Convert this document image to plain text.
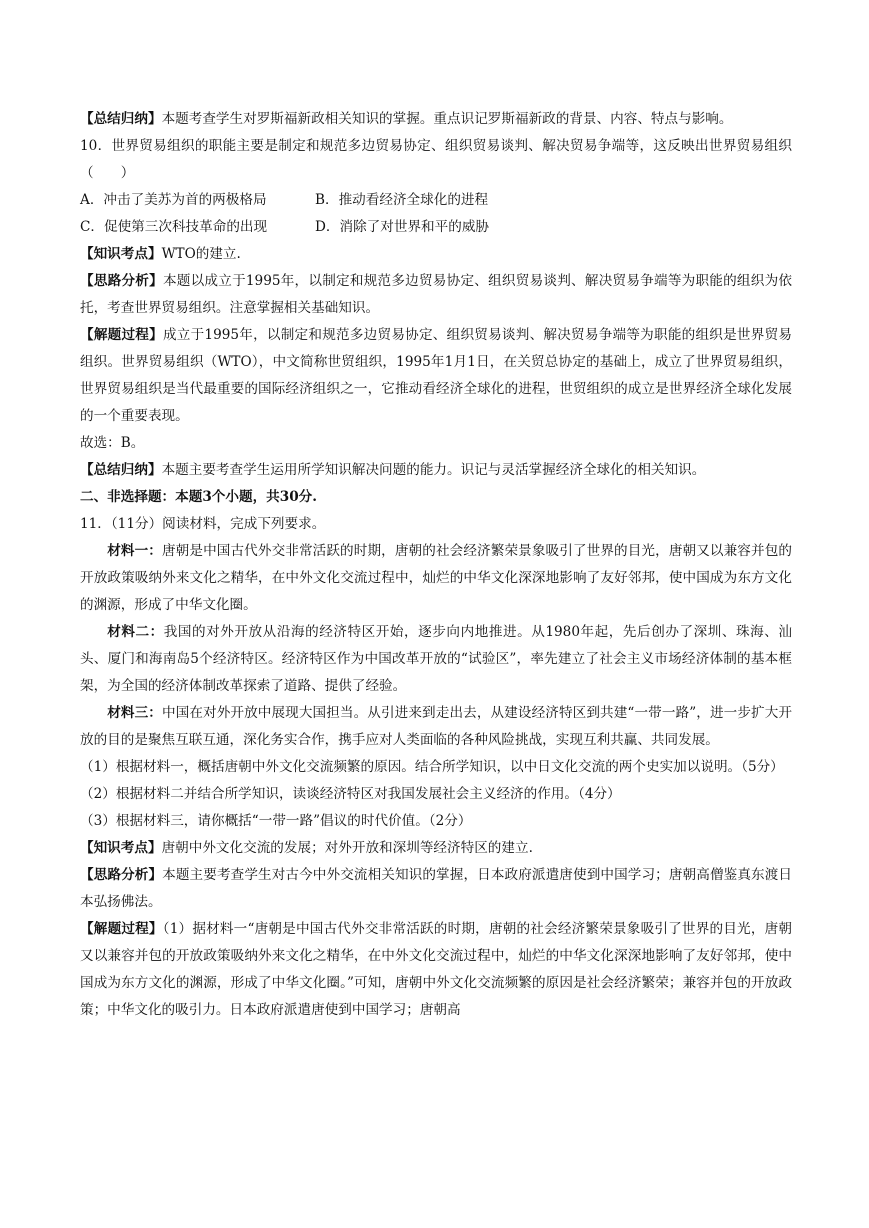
【总结归纳】本题考查学生对罗斯福新政相关知识的掌握。重点识记罗斯福新政的背景、内容、特点与影响。

10．世界贸易组织的职能主要是制定和规范多边贸易协定、组织贸易谈判、解决贸易争端等，这反映出世界贸易组织（　　）

A．冲击了美苏为首的两极格局	B．推动看经济全球化的进程
C．促使第三次科技革命的出现	D．消除了对世界和平的威胁

【知识考点】WTO的建立.

【思路分析】本题以成立于1995年，以制定和规范多边贸易协定、组织贸易谈判、解决贸易争端等为职能的组织为依托，考查世界贸易组织。注意掌握相关基础知识。

【解题过程】成立于1995年，以制定和规范多边贸易协定、组织贸易谈判、解决贸易争端等为职能的组织是世界贸易组织。世界贸易组织（WTO），中文简称世贸组织，1995年1月1日，在关贸总协定的基础上，成立了世界贸易组织，世界贸易组织是当代最重要的国际经济组织之一，它推动看经济全球化的进程，世贸组织的成立是世界经济全球化发展的一个重要表现。

故选：B。

【总结归纳】本题主要考查学生运用所学知识解决问题的能力。识记与灵活掌握经济全球化的相关知识。

二、非选择题：本题3个小题，共30分.

11．（11分）阅读材料，完成下列要求。

材料一：唐朝是中国古代外交非常活跃的时期，唐朝的社会经济繁荣景象吸引了世界的目光，唐朝又以兼容并包的开放政策吸纳外来文化之精华，在中外文化交流过程中，灿烂的中华文化深深地影响了友好邻邦，使中国成为东方文化的渊源，形成了中华文化圈。

材料二：我国的对外开放从沿海的经济特区开始，逐步向内地推进。从1980年起，先后创办了深圳、珠海、汕头、厦门和海南岛5个经济特区。经济特区作为中国改革开放的“试验区”，率先建立了社会主义市场经济体制的基本框架，为全国的经济体制改革探索了道路、提供了经验。

材料三：中国在对外开放中展现大国担当。从引进来到走出去，从建设经济特区到共建“一带一路”，进一步扩大开放的目的是聚焦互联互通，深化务实合作，携手应对人类面临的各种风险挑战，实现互利共赢、共同发展。

（1）根据材料一，概括唐朝中外文化交流频繁的原因。结合所学知识，以中日文化交流的两个史实加以说明。（5分）

（2）根据材料二并结合所学知识，读谈经济特区对我国发展社会主义经济的作用。（4分）

（3）根据材料三，请你概括“一带一路”倡议的时代价值。（2分）

【知识考点】唐朝中外文化交流的发展；对外开放和深圳等经济特区的建立.

【思路分析】本题主要考查学生对古今中外交流相关知识的掌握，日本政府派遣唐使到中国学习；唐朝高僧鉴真东渡日本弘扬佛法。

【解题过程】（1）据材料一“唐朝是中国古代外交非常活跃的时期，唐朝的社会经济繁荣景象吸引了世界的目光，唐朝又以兼容并包的开放政策吸纳外来文化之精华，在中外文化交流过程中，灿烂的中华文化深深地影响了友好邻邦，使中国成为东方文化的渊源，形成了中华文化圈。”可知，唐朝中外文化交流频繁的原因是社会经济繁荣；兼容并包的开放政策；中华文化的吸引力。日本政府派遣唐使到中国学习；唐朝高
